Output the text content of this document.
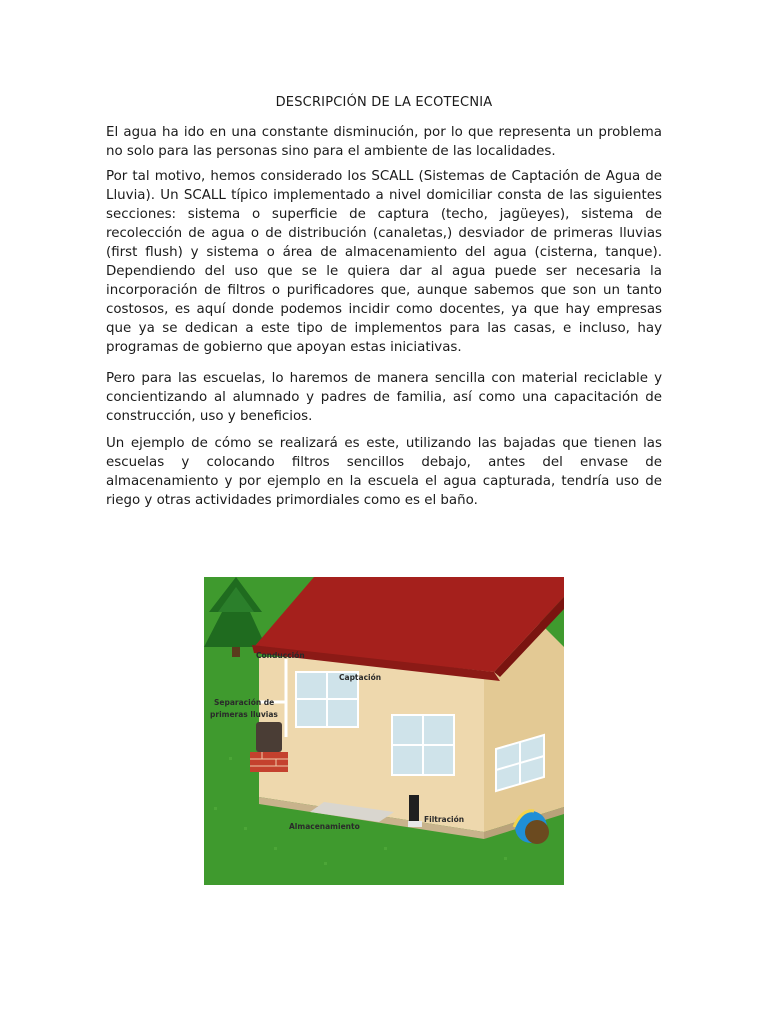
DESCRIPCIÓN DE LA ECOTECNIA

El agua ha ido en una constante disminución, por lo que representa un problema no solo para las personas sino para el ambiente de las localidades.

Por tal motivo, hemos considerado los SCALL (Sistemas de Captación de Agua de Lluvia). Un SCALL típico implementado a nivel domiciliar consta de las siguientes secciones: sistema o superficie de captura (techo, jagüeyes), sistema de recolección de agua o de distribución (canaletas,) desviador de primeras lluvias (first flush) y sistema o área de almacenamiento del agua (cisterna, tanque). Dependiendo del uso que se le quiera dar al agua puede ser necesaria la incorporación de filtros o purificadores que, aunque sabemos que son un tanto costosos, es aquí donde podemos incidir como docentes, ya que hay empresas que ya se dedican a este tipo de implementos para las casas, e incluso, hay programas de gobierno que apoyan estas iniciativas.

Pero para las escuelas, lo haremos de manera sencilla con material reciclable y concientizando al alumnado y padres de familia, así como una capacitación de construcción, uso y beneficios.

Un ejemplo de cómo se realizará es este, utilizando las bajadas que tienen las escuelas y colocando filtros sencillos debajo, antes del envase de almacenamiento y por ejemplo en la escuela el agua capturada, tendría uso de riego y otras actividades primordiales como es el baño.

Conducción
Captación
Separación de
primeras lluvias
Almacenamiento
Filtración
